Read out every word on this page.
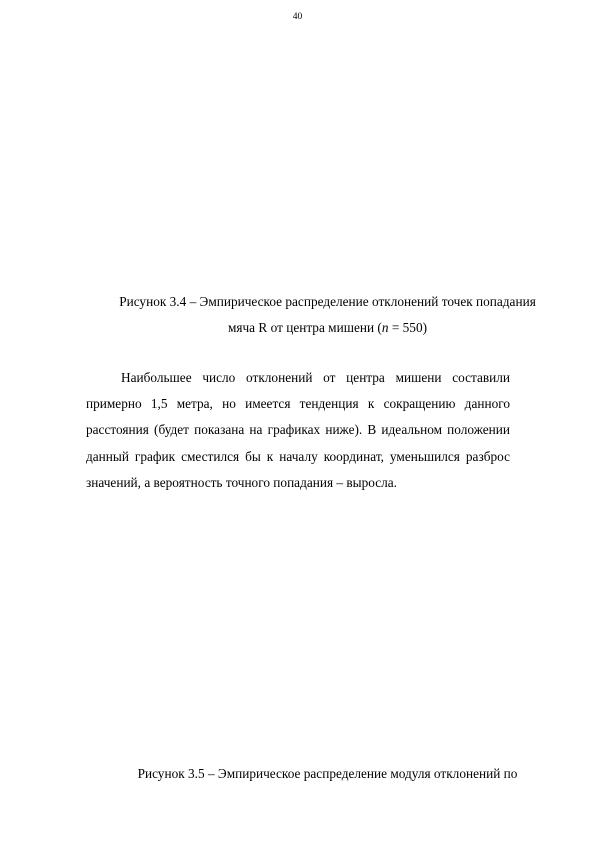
40
Рисунок 3.4 – Эмпирическое распределение отклонений точек попадания
мяча R от центра мишени (n = 550)

Наибольшее число отклонений от центра мишени составили примерно 1,5 метра, но имеется тенденция к сокращению данного расстояния (будет показана на графиках ниже). В идеальном положении данный график сместился бы к началу координат, уменьшился разброс значений, а вероятность точного попадания – выросла.

Рисунок 3.5 – Эмпирическое распределение модуля отклонений по
